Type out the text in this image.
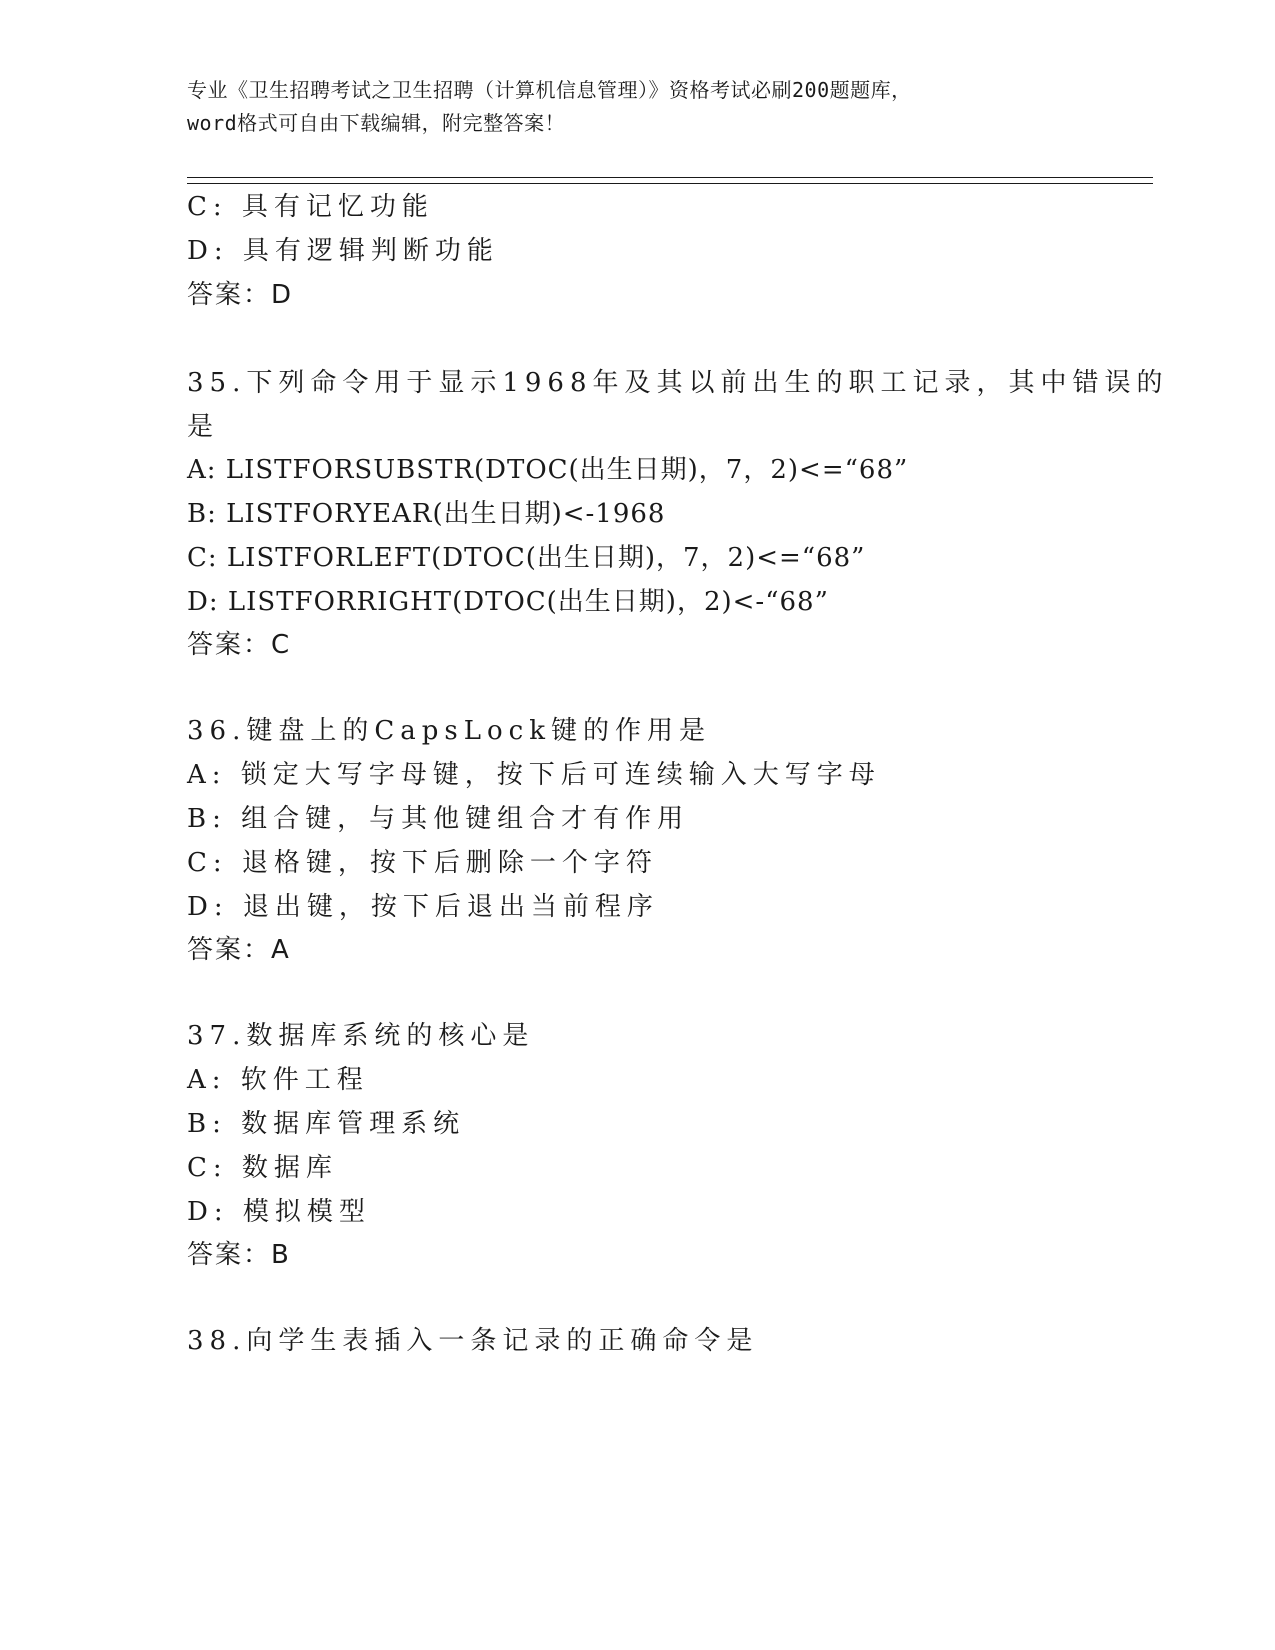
专业《卫生招聘考试之卫生招聘（计算机信息管理）》资格考试必刷200题题库，
word格式可自由下载编辑，附完整答案！
C: 具有记忆功能
D: 具有逻辑判断功能
答案：D
35.下列命令用于显示1968年及其以前出生的职工记录，其中错误的
是
A: LISTFORSUBSTR(DTOC(出生日期)，7，2)<=“68”
B: LISTFORYEAR(出生日期)<-1968
C: LISTFORLEFT(DTOC(出生日期)，7，2)<=“68”
D: LISTFORRIGHT(DTOC(出生日期)，2)<-“68”
答案：C
36.键盘上的CapsLock键的作用是
A: 锁定大写字母键，按下后可连续输入大写字母
B: 组合键，与其他键组合才有作用
C: 退格键，按下后删除一个字符
D: 退出键，按下后退出当前程序
答案：A
37.数据库系统的核心是
A: 软件工程
B: 数据库管理系统
C: 数据库
D: 模拟模型
答案：B
38.向学生表插入一条记录的正确命令是
